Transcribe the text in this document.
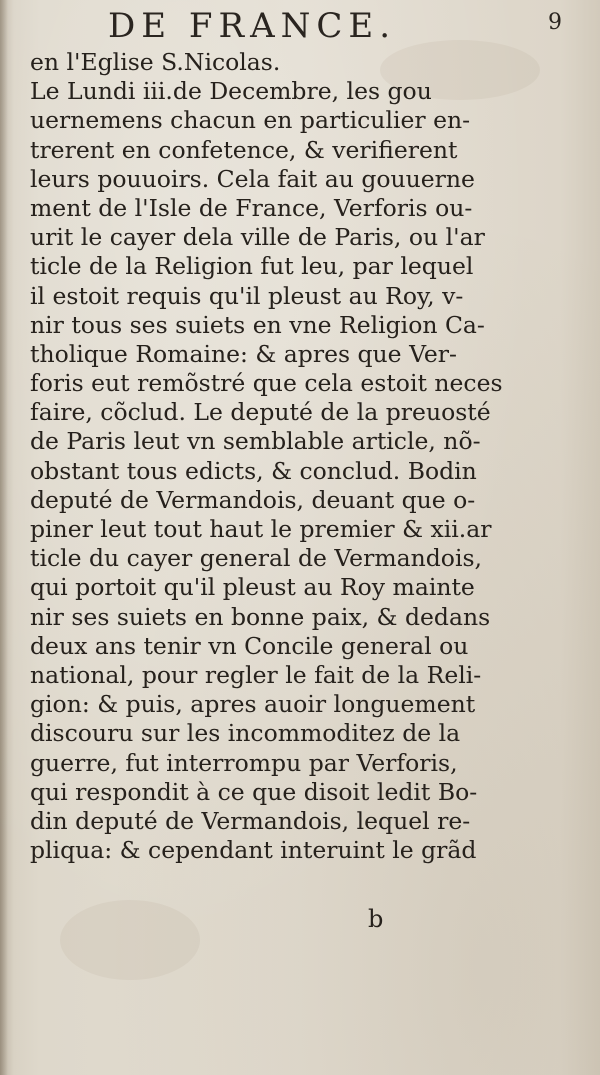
DE FRANCE.	9
en l'Eglise S.Nicolas.
Le Lundi iii.de Decembre, les gou
uernemens chacun en particulier en-
trerent en confetence, & verifierent
leurs pouuoirs. Cela fait au gouuerne
ment de l'Isle de France, Verforis ou-
urit le cayer dela ville de Paris, ou l'ar
ticle de la Religion fut leu, par lequel
il estoit requis qu'il pleust au Roy, v-
nir tous ses suiets en vne Religion Ca-
tholique Romaine: & apres que Ver-
foris eut remõstré que cela estoit neces
faire, cõclud. Le deputé de la preuosté
de Paris leut vn semblable article, nõ-
obstant tous edicts, & conclud. Bodin
deputé de Vermandois, deuant que o-
piner leut tout haut le premier & xii.ar
ticle du cayer general de Vermandois,
qui portoit qu'il pleust au Roy mainte
nir ses suiets en bonne paix, & dedans
deux ans tenir vn Concile general ou
national, pour regler le fait de la Reli-
gion: & puis, apres auoir longuement
discouru sur les incommoditez de la
guerre, fut interrompu par Verforis,
qui respondit à ce que disoit ledit Bo-
din deputé de Vermandois, lequel re-
pliqua: & cependant interuint le grãd
b
